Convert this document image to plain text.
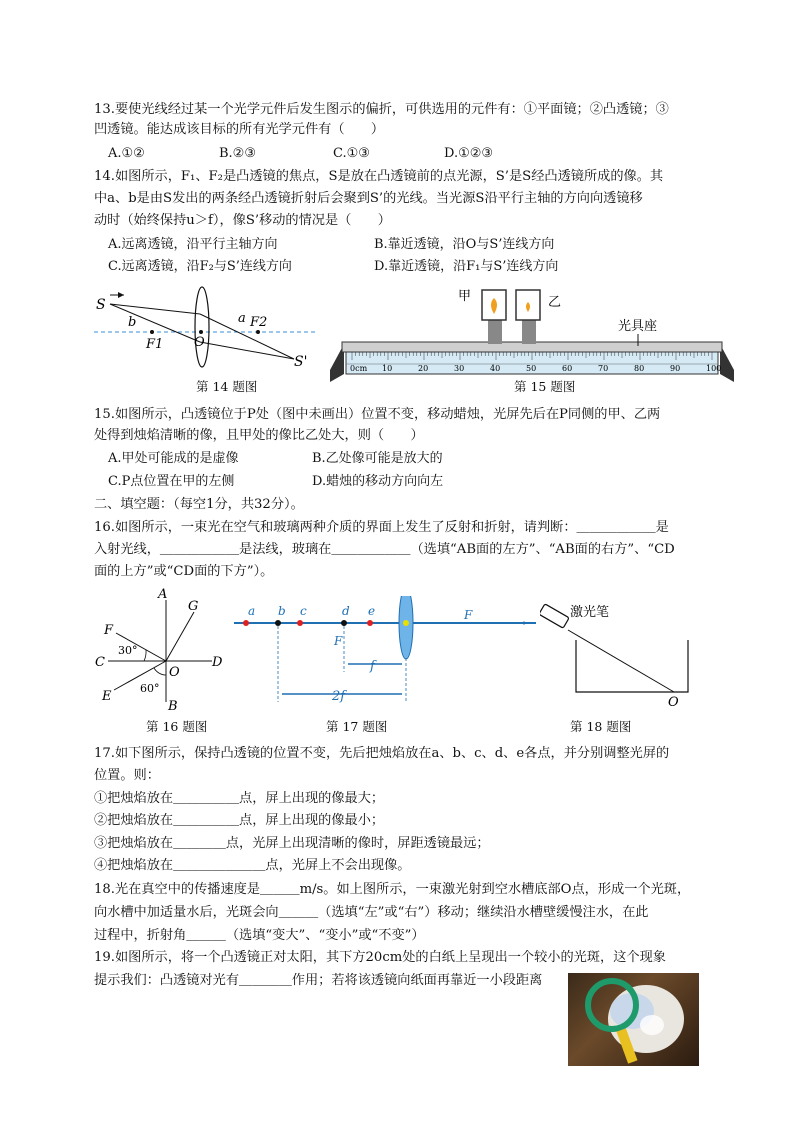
13.要使光线经过某一个光学元件后发生图示的偏折，可供选用的元件有：①平面镜；②凸透镜；③
凹透镜。能达成该目标的所有光学元件有（　　）
A.①②	B.②③	C.①③	D.①②③
14.如图所示，F₁、F₂是凸透镜的焦点，S是放在凸透镜前的点光源，S’是S经凸透镜所成的像。其
中a、b是由S发出的两条经凸透镜折射后会聚到S’的光线。当光源S沿平行主轴的方向向透镜移
动时（始终保持u＞f），像S’移动的情况是（　　）
A.远离透镜，沿平行主轴方向	B.靠近透镜，沿O与S’连线方向
C.远离透镜，沿F₂与S’连线方向	D.靠近透镜，沿F₁与S’连线方向
S
b	a F2
F1 O
S'
第 14 题图
0cm 10	20	30	40	50	60	70	80	90	100
甲	乙
光具座
第 15 题图
15.如图所示，凸透镜位于P处（图中未画出）位置不变，移动蜡烛，光屏先后在P同侧的甲、乙两
处得到烛焰清晰的像，且甲处的像比乙处大，则（　　）
A.甲处可能成的是虚像	B.乙处像可能是放大的
C.P点位置在甲的左侧	D.蜡烛的移动方向向左
二、填空题：（每空1分，共32分）。
16.如图所示，一束光在空气和玻璃两种介质的界面上发生了反射和折射，请判断：＿＿＿＿＿＿是
入射光线，＿＿＿＿＿＿是法线，玻璃在＿＿＿＿＿＿（选填“AB面的左方”、“AB面的右方”、“CD
面的上方”或“CD面的下方”）。
A
G
F
C
O
D
E
B
30°
60°
第 16 题图
a b c	d e	F
F
f
2f
第 17 题图
激光笔
O
第 18 题图
17.如下图所示，保持凸透镜的位置不变，先后把烛焰放在a、b、c、d、e各点，并分别调整光屏的
位置。则：
①把烛焰放在＿＿＿＿＿点，屏上出现的像最大；
②把烛焰放在＿＿＿＿＿点，屏上出现的像最小；
③把烛焰放在＿＿＿＿点，光屏上出现清晰的像时，屏距透镜最远；
④把烛焰放在＿＿＿＿＿＿＿点，光屏上不会出现像。
18.光在真空中的传播速度是＿＿＿m/s。如上图所示，一束激光射到空水槽底部O点，形成一个光斑，
向水槽中加适量水后，光斑会向＿＿＿（选填“左”或“右”）移动；继续沿水槽壁缓慢注水，在此
过程中，折射角＿＿＿（选填“变大”、“变小”或“不变”）
19.如图所示，将一个凸透镜正对太阳，其下方20cm处的白纸上呈现出一个较小的光斑，这个现象
提示我们：凸透镜对光有＿＿＿＿作用；若将该透镜向纸面再靠近一小段距离
